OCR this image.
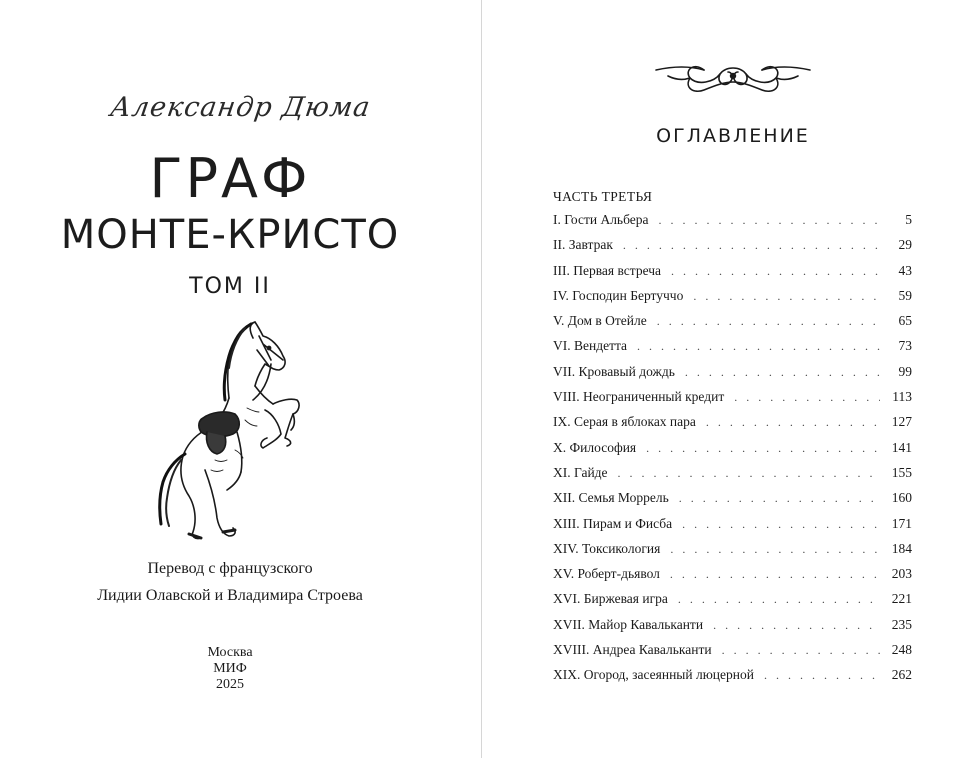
Александр Дюма
ГРАФ
МОНТЕ-КРИСТО
ТОМ II
Перевод с французского
Лидии Олавской и Владимира Строева
Москва
МИФ
2025
ОГЛАВЛЕНИЕ
ЧАСТЬ ТРЕТЬЯ
I. Гости Альбера . . .	5
II. Завтрак . . .	29
III. Первая встреча . . .	43
IV. Господин Бертуччо . . .	59
V. Дом в Отейле . . .	65
VI. Вендетта . . .	73
VII. Кровавый дождь . . .	99
VIII. Неограниченный кредит . . .	113
IX. Серая в яблоках пара . . .	127
X. Философия . . .	141
XI. Гайде . . .	155
XII. Семья Моррель . . .	160
XIII. Пирам и Фисба . . .	171
XIV. Токсикология . . .	184
XV. Роберт-дьявол . . .	203
XVI. Биржевая игра . . .	221
XVII. Майор Кавальканти . . .	235
XVIII. Андреа Кавальканти . . .	248
XIX. Огород, засеянный люцерной . . .	262
